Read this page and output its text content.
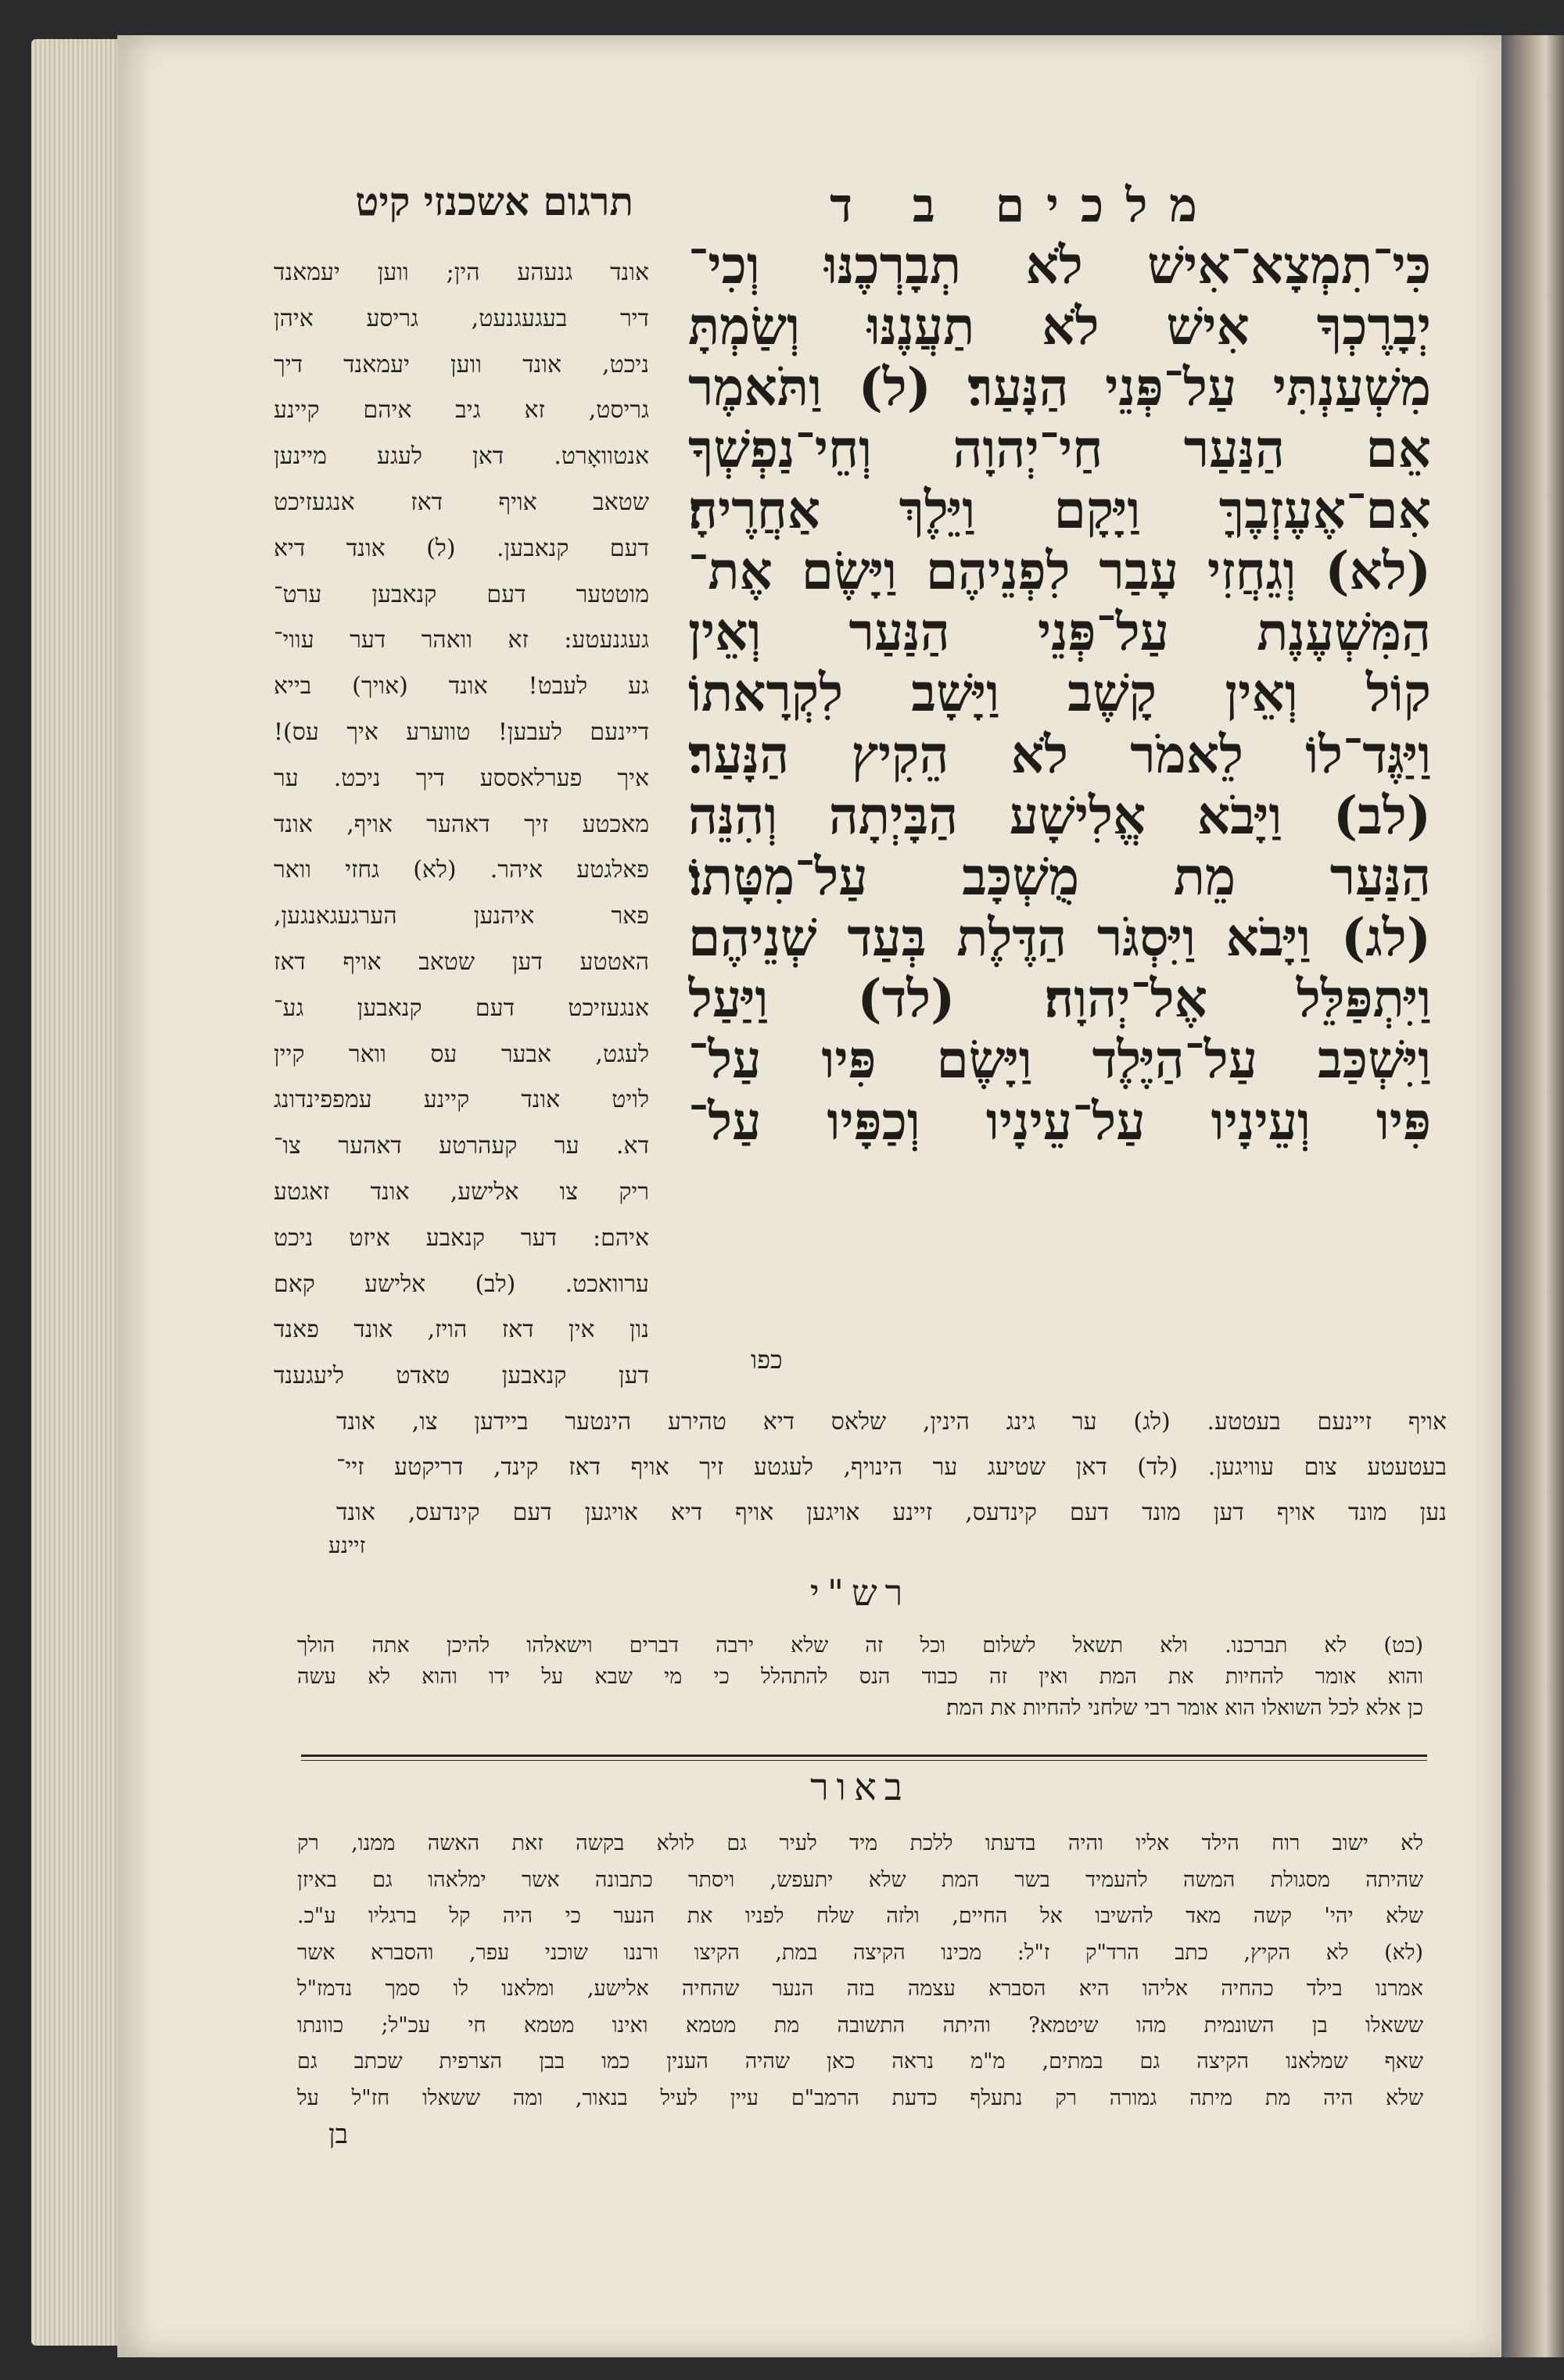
מלכים ב ד
תרגום אשכנזי קיט
כִּי־תִמְצָא־אִישׁ לֹא תְבָרְכֶנּוּ וְכִי־
יְבָרֶכְךָ אִישׁ לֹא תַעֲנֶנּוּ וְשַׂמְתָּ
מִשְׁעַנְתִּי עַל־פְּנֵי הַנָּעַר׃ (ל) וַתֹּאמֶר
אֵם הַנַּעַר חַי־יְהוָה וְחֵי־נַפְשְׁךָ
אִם־אֶעֶזְבֶךָּ וַיָּקָם וַיֵּלֶךְ אַחֲרֶיהָ׃
(לא) וְגֵחֲזִי עָבַר לִפְנֵיהֶם וַיָּשֶׂם אֶת־
הַמִּשְׁעֶנֶת עַל־פְּנֵי הַנַּעַר וְאֵין
קוֹל וְאֵין קָשֶׁב וַיָּשָׁב לִקְרָאתוֹ
וַיַּגֶּד־לוֹ לֵאמֹר לֹא הֵקִיץ הַנָּעַר׃
(לב) וַיָּבֹא אֱלִישָׁע הַבָּיְתָה וְהִנֵּה
הַנַּעַר מֵת מֻשְׁכָּב עַל־מִטָּתוֹ׃
(לג) וַיָּבֹא וַיִּסְגֹּר הַדֶּלֶת בְּעַד שְׁנֵיהֶם
וַיִּתְפַּלֵּל אֶל־יְהוָה׃ (לד) וַיַּעַל
וַיִּשְׁכַּב עַל־הַיֶּלֶד וַיָּשֶׂם פִּיו עַל־
פִּיו וְעֵינָיו עַל־עֵינָיו וְכַפָּיו עַל־
כפו
אונד גנעהע הין; ווען יעמאנד
דיר בעגעגנעט, גריסע איהן
ניכט, אונד ווען יעמאנד דיך
גריסט, זא גיב איהם קיינע
אנטוואָרט. דאן לעגע מיינען
שטאב אויף דאז אנגעזיכט
דעם קנאבען. (ל) אונד דיא
מוטטער דעם קנאבען ערט־
געגנעטע: זא וואהר דער עווי־
גע לעבט! אונד (אויך) בייא
דיינעם לעבען! טווערע איך עס)!
איך פערלאססע דיך ניכט. ער
מאכטע זיך דאהער אויף, אונד
פאלגטע איהר. (לא) גחזי וואר
פאר איהנען הערגעגאנגען,
האטטע דען שטאב אויף דאז
אנגעזיכט דעם קנאבען גע־
לעגט, אבער עס וואר קיין
לויט אונד קיינע עמפפינדונג
דא. ער קעהרטע דאהער צו־
ריק צו אלישע, אונד זאגטע
איהם: דער קנאבע איזט ניכט
ערוואכט. (לב) אלישע קאם
נון אין דאז הויז, אונד פאנד
דען קנאבען טאדט ליעגענד
אויף זיינעם בעטטע. (לג) ער גינג הינין, שלאס דיא טהירע הינטער ביידען צו, אונד
בעטעטע צום עוויגען. (לד) דאן שטיעג ער הינויף, לעגטע זיך אויף דאז קינד, דריקטע זיי־
נען מונד אויף דען מונד דעם קינדעס, זיינע אויגען אויף דיא אויגען דעם קינדעס, אונד
זיינע
רש"י
(כט) לא תברכנו. ולא תשאל לשלום וכל זה שלא ירבה דברים וישאלהו להיכן אתה הולך
והוא אומר להחיות את המת ואין זה כבוד הנס להתהלל כי מי שבא על ידו והוא לא עשה
כן אלא לכל השואלו הוא אומר רבי שלחני להחיות את המת׃
באור
לא ישוב רוח הילד אליו והיה בדעתו ללכת מיד לעיר גם לולא בקשה זאת האשה ממנו, רק
שהיתה מסגולת המשה להעמיד בשר המת שלא יתעפש, ויסתר כתבונה אשר ימלאהו גם באיזן
שלא יהי' קשה מאד להשיבו אל החיים, ולזה שלח לפניו את הנער כי היה קל ברגליו ע"כ.
(לא) לא הקיץ, כתב הרד"ק ז"ל: מכינו הקיצה במת, הקיצו ורננו שוכני עפר, והסברא אשר
אמרנו בילד כהחיה אליהו היא הסברא עצמה בזה הנער שהחיה אלישע, ומלאנו לו סמך נדמז"ל
ששאלו בן השונמית מהו שיטמא? והיתה התשובה מת מטמא ואינו מטמא חי עכ"ל; כוונתו
שאף שמלאנו הקיצה גם במתים, מ"מ נראה כאן שהיה הענין כמו בבן הצרפית שכתב גם
שלא היה מת מיתה גמורה רק נתעלף כדעת הרמב"ם עיין לעיל בנאור, ומה ששאלו חז"ל על
בן
